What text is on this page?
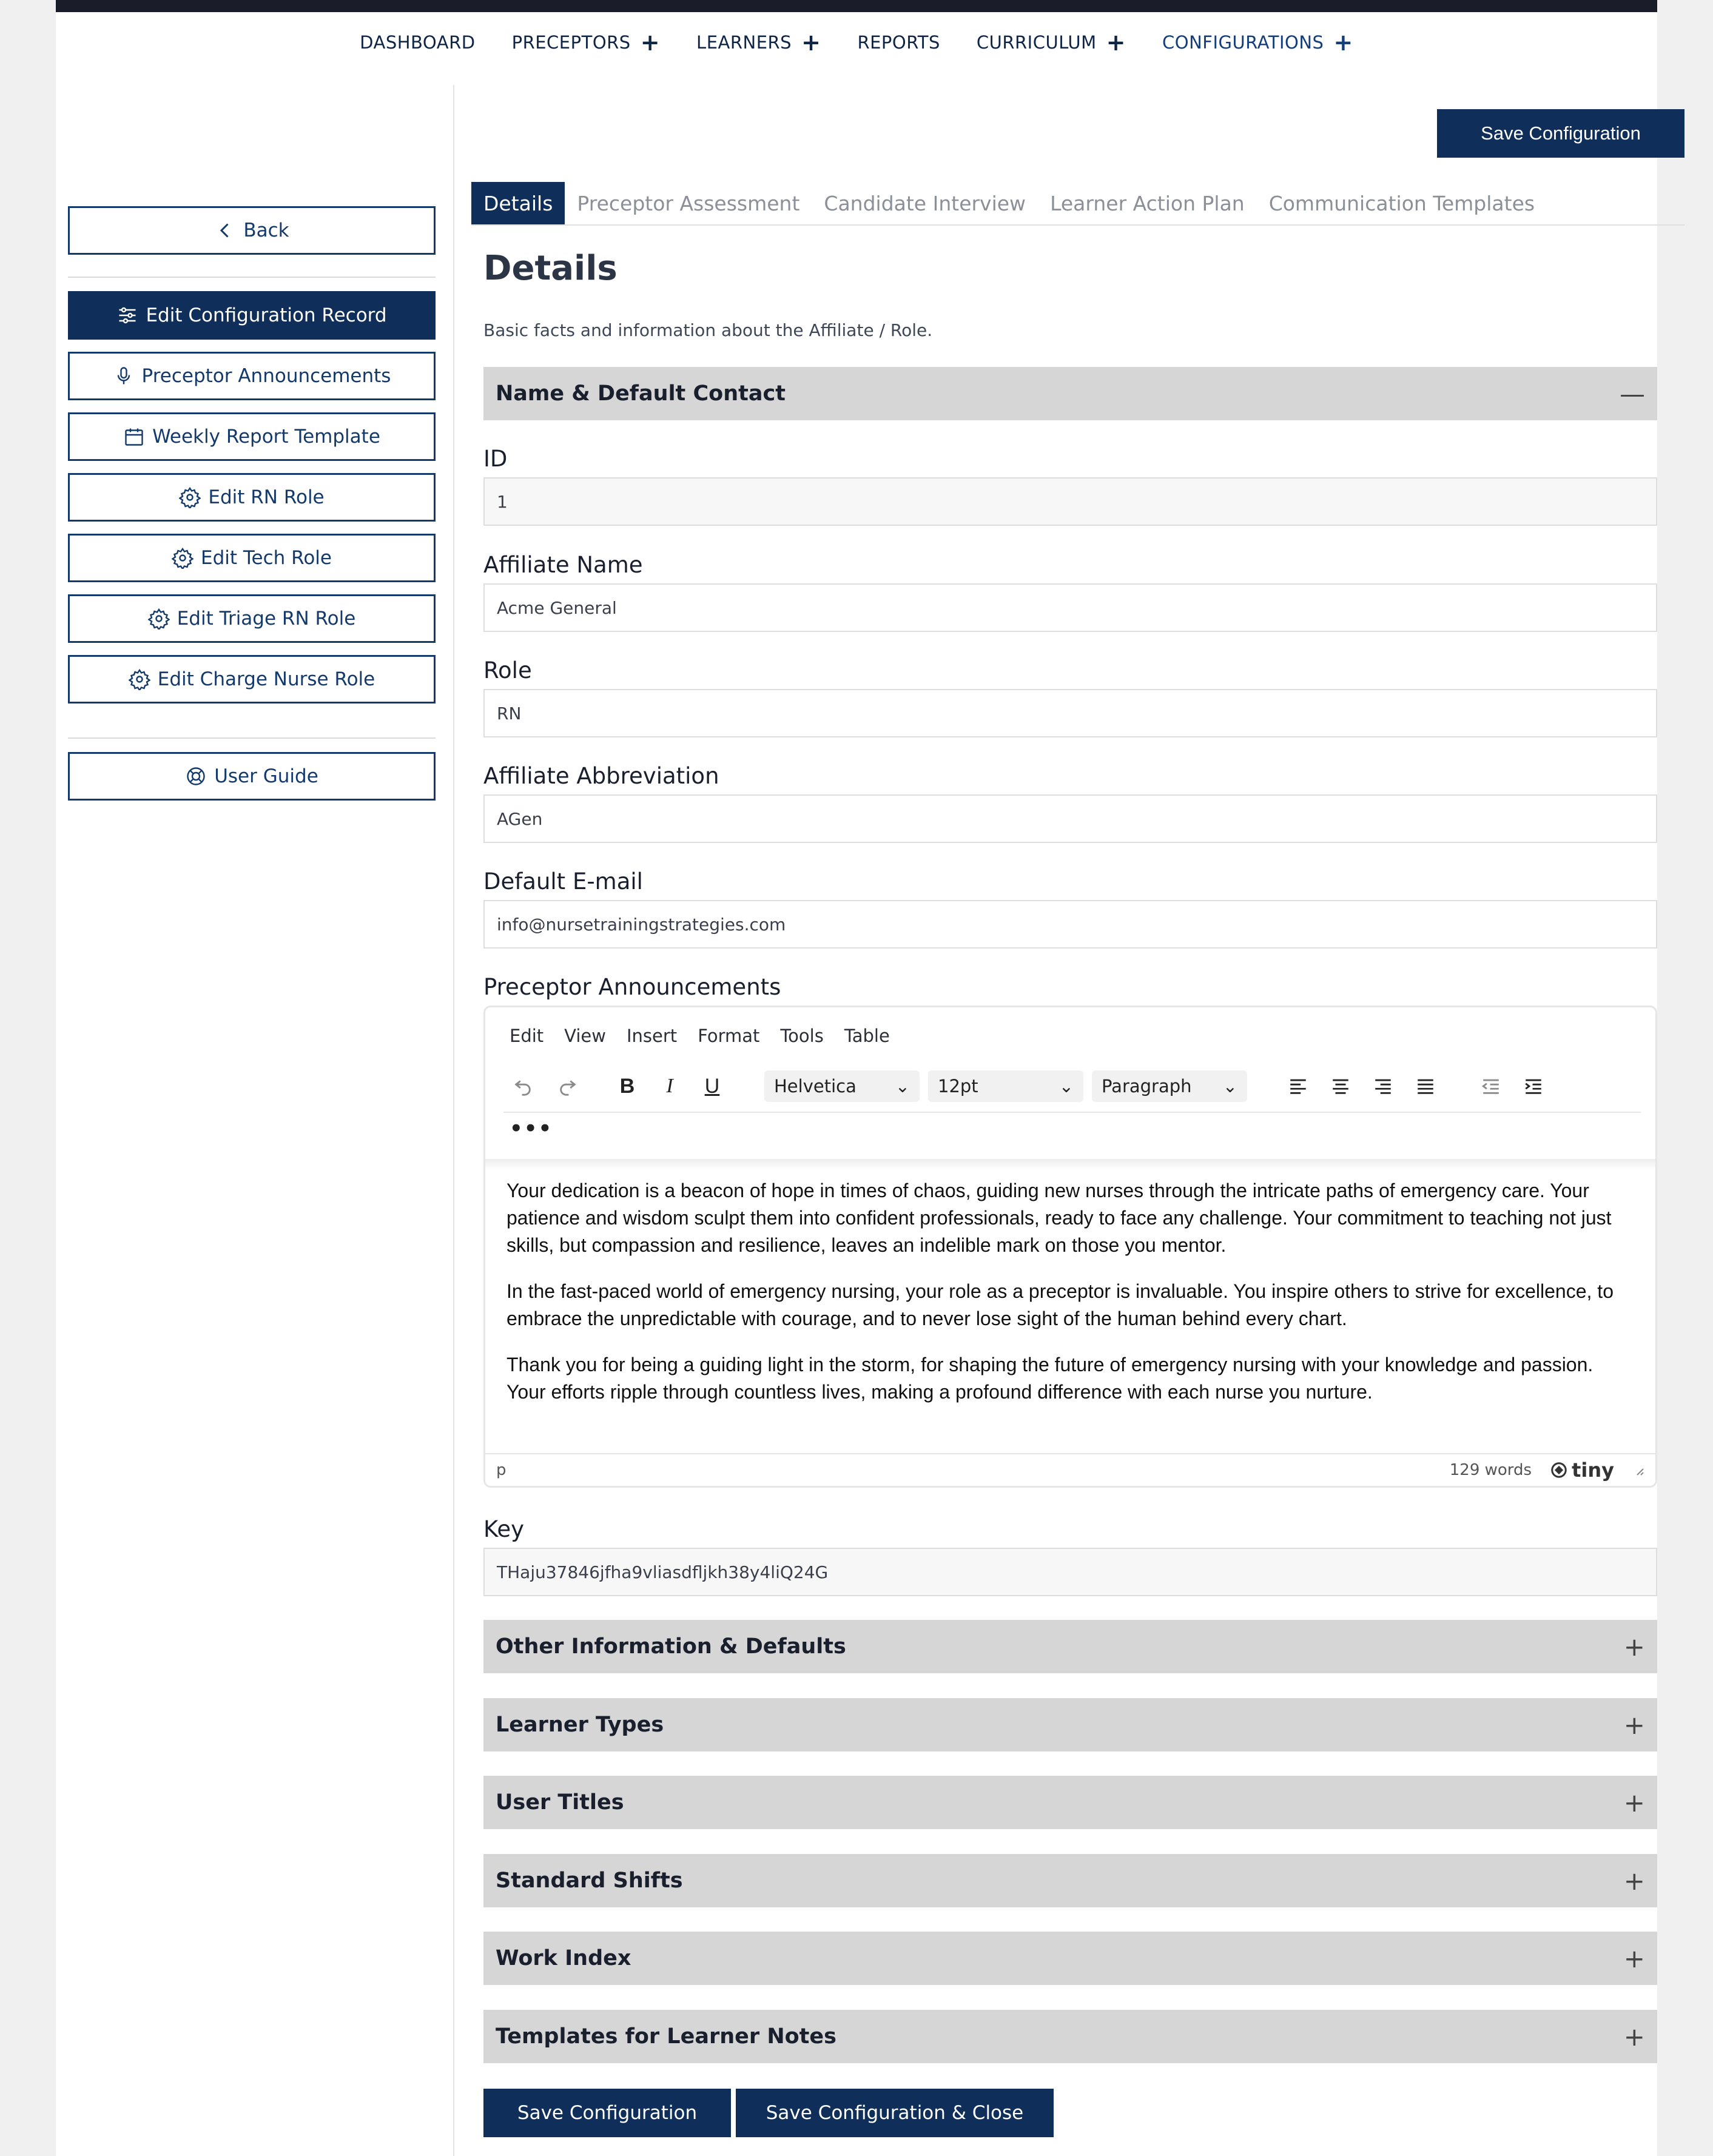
DASHBOARD PRECEPTORS + LEARNERS + REPORTS CURRICULUM + CONFIGURATIONS +
Back
Edit Configuration Record
Preceptor Announcements
Weekly Report Template
Edit RN Role
Edit Tech Role
Edit Triage RN Role
Edit Charge Nurse Role
User Guide
Save Configuration
Details	Preceptor Assessment	Candidate Interview	Learner Action Plan	Communication Templates
Details
Basic facts and information about the Affiliate / Role.
Name & Default Contact	—
ID
1
Affiliate Name
Acme General
Role
RN
Affiliate Abbreviation
AGen
Default E-mail
info@nursetrainingstrategies.com
Preceptor Announcements
Edit View Insert Format Tools Table
B	I	U	Helvetica ⌄ 12pt	⌄ Paragraph ⌄
•••

Your dedication is a beacon of hope in times of chaos, guiding new nurses through the intricate paths of emergency care. Your patience and wisdom sculpt them into confident professionals, ready to face any challenge. Your commitment to teaching not just skills, but compassion and resilience, leaves an indelible mark on those you mentor.

In the fast-paced world of emergency nursing, your role as a preceptor is invaluable. You inspire others to strive for excellence, to embrace the unpredictable with courage, and to never lose sight of the human behind every chart.

Thank you for being a guiding light in the storm, for shaping the future of emergency nursing with your knowledge and passion. Your efforts ripple through countless lives, making a profound difference with each nurse you nurture.

p	129 words tiny
Key
THaju37846jfha9vliasdfljkh38y4liQ24G
Other Information & Defaults	+
Learner Types	+
User Titles	+
Standard Shifts	+
Work Index	+
Templates for Learner Notes	+
Save Configuration	Save Configuration & Close
